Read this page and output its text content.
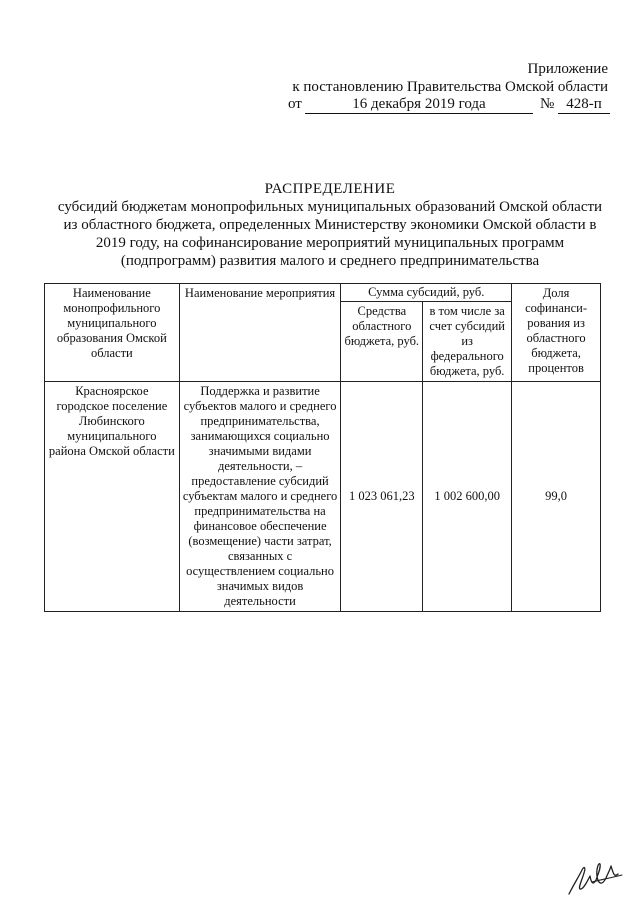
Приложение
к постановлению Правительства Омской области
от	16 декабря 2019 года	№ 428-п
РАСПРЕДЕЛЕНИЕ
субсидий бюджетам монопрофильных муниципальных образований Омской области
из областного бюджета, определенных Министерству экономики Омской области в
2019 году, на софинансирование мероприятий муниципальных программ
(подпрограмм) развития малого и среднего предпринимательства
Наименование монопрофильного муниципального образования Омской области	Наименование мероприятия	Сумма субсидий, руб.		Доля софинанси-рования из областного бюджета, процентов
		Средства областного бюджета, руб.	в том числе за счет субсидий из федерального бюджета, руб.	
Красноярское городское поселение Любинского муниципального района Омской области	Поддержка и развитие субъектов малого и среднего предпринимательства, занимающихся социально значимыми видами деятельности, – предоставление субсидий субъектам малого и среднего предпринимательства на финансовое обеспечение (возмещение) части затрат, связанных с осуществлением социально значимых видов деятельности	1 023 061,23	1 002 600,00	99,0
